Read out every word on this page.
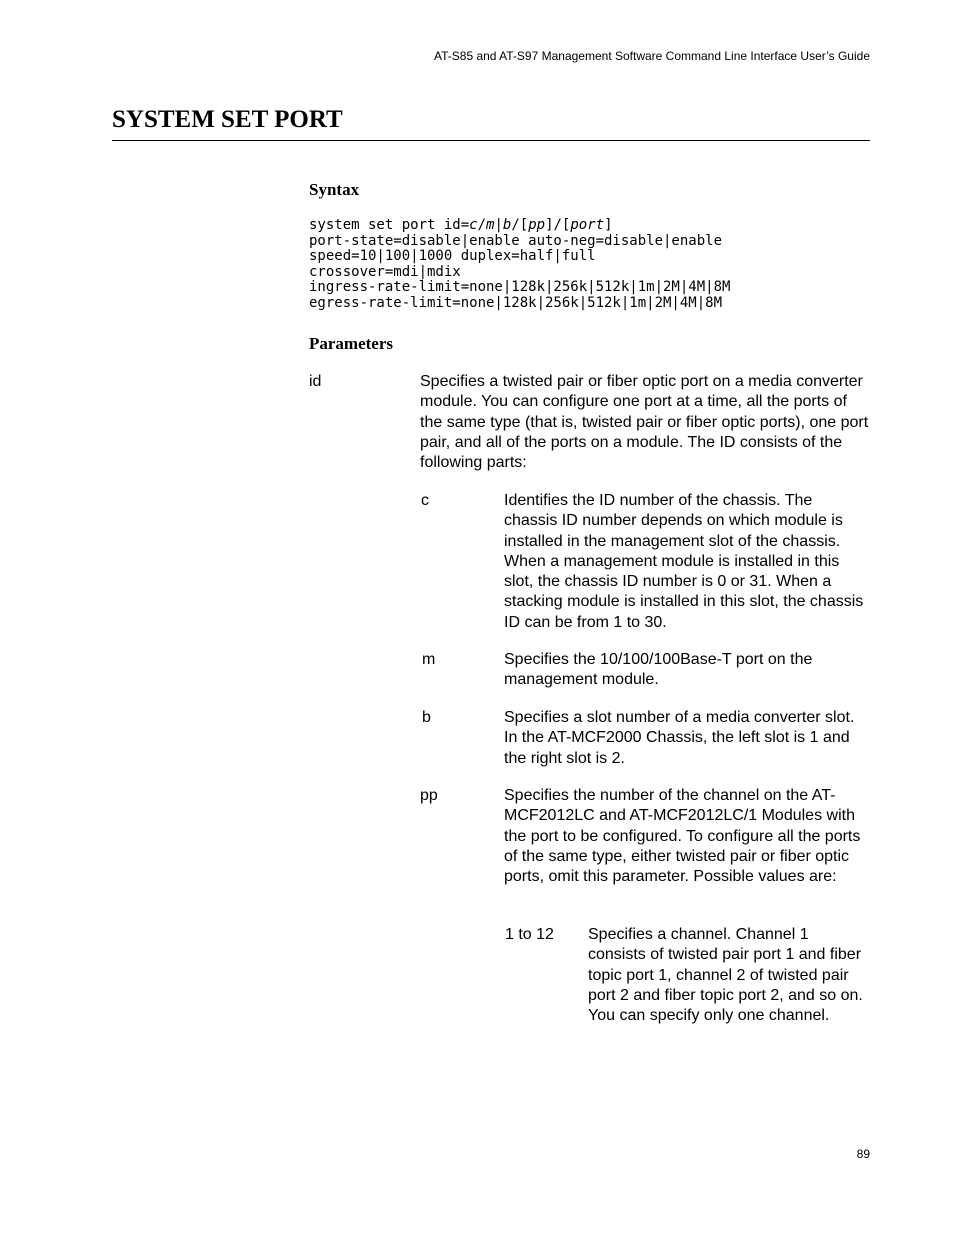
AT-S85 and AT-S97 Management Software Command Line Interface User’s Guide
SYSTEM SET PORT
Syntax
system set port id=c/m|b/[pp]/[port]
port-state=disable|enable auto-neg=disable|enable
speed=10|100|1000 duplex=half|full
crossover=mdi|mdix
ingress-rate-limit=none|128k|256k|512k|1m|2M|4M|8M
egress-rate-limit=none|128k|256k|512k|1m|2M|4M|8M
Parameters
id	Specifies a twisted pair or fiber optic port on a media converter module. You can configure one port at a time, all the ports of the same type (that is, twisted pair or fiber optic ports), one port pair, and all of the ports on a module. The ID consists of the following parts:
c	Identifies the ID number of the chassis. The chassis ID number depends on which module is installed in the management slot of the chassis. When a management module is installed in this slot, the chassis ID number is 0 or 31. When a stacking module is installed in this slot, the chassis ID can be from 1 to 30.
m	Specifies the 10/100/100Base-T port on the management module.
b	Specifies a slot number of a media converter slot. In the AT-MCF2000 Chassis, the left slot is 1 and the right slot is 2.
pp	Specifies the number of the channel on the AT-MCF2012LC and AT-MCF2012LC/1 Modules with the port to be configured. To configure all the ports of the same type, either twisted pair or fiber optic ports, omit this parameter. Possible values are:
1 to 12 Specifies a channel. Channel 1 consists of twisted pair port 1 and fiber topic port 1, channel 2 of twisted pair port 2 and fiber topic port 2, and so on. You can specify only one channel.
89
